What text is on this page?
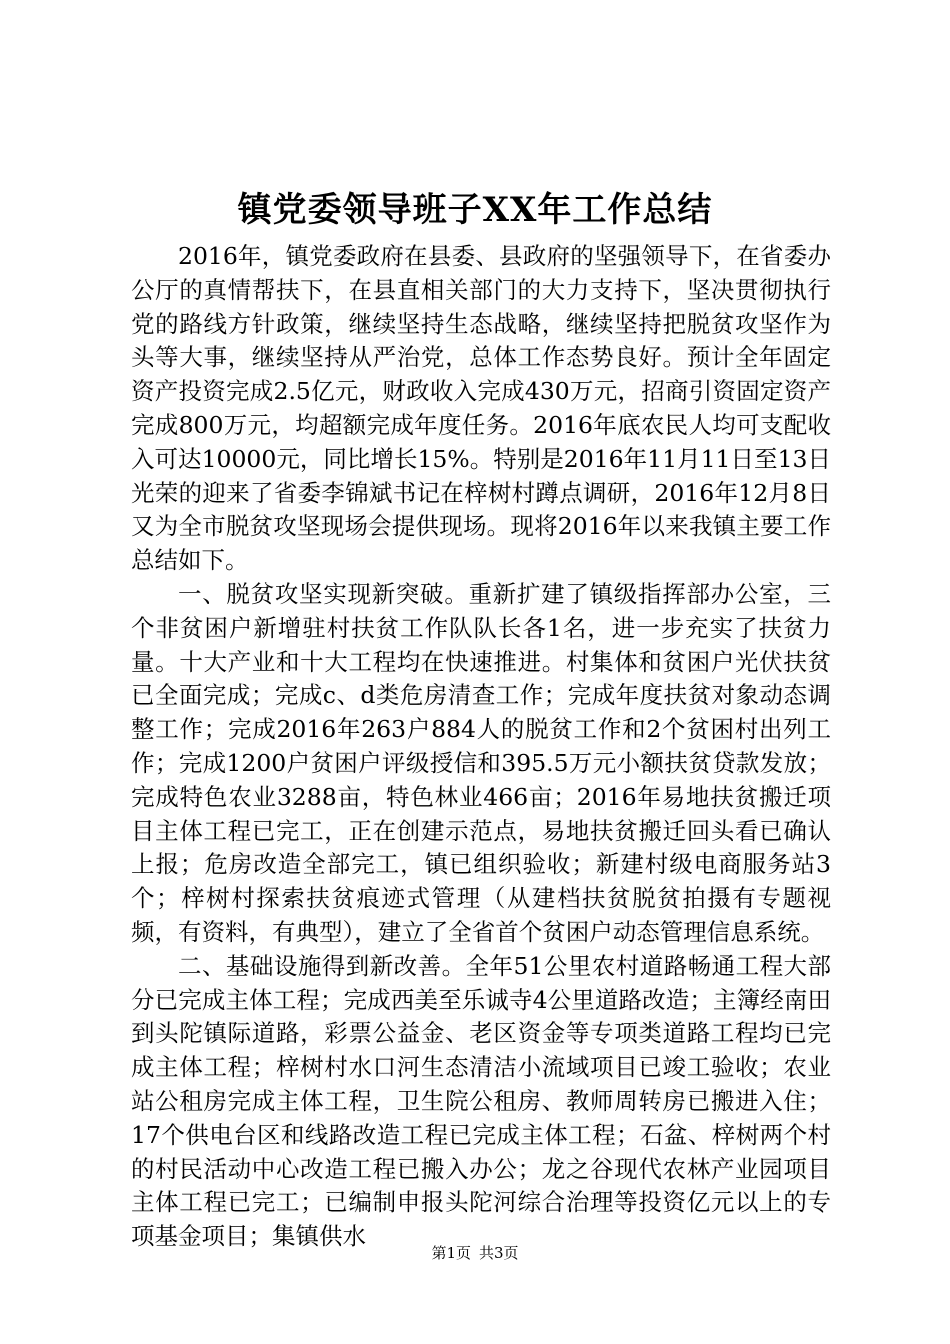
镇党委领导班子XX年工作总结

2016年，镇党委政府在县委、县政府的坚强领导下，在省委办公厅的真情帮扶下，在县直相关部门的大力支持下，坚决贯彻执行党的路线方针政策，继续坚持生态战略，继续坚持把脱贫攻坚作为头等大事，继续坚持从严治党，总体工作态势良好。预计全年固定资产投资完成2.5亿元，财政收入完成430万元，招商引资固定资产完成800万元，均超额完成年度任务。2016年底农民人均可支配收入可达10000元，同比增长15%。特别是2016年11月11日至13日光荣的迎来了省委李锦斌书记在梓树村蹲点调研，2016年12月8日又为全市脱贫攻坚现场会提供现场。现将2016年以来我镇主要工作总结如下。

一、脱贫攻坚实现新突破。重新扩建了镇级指挥部办公室，三个非贫困户新增驻村扶贫工作队队长各1名，进一步充实了扶贫力量。十大产业和十大工程均在快速推进。村集体和贫困户光伏扶贫已全面完成；完成c、d类危房清查工作；完成年度扶贫对象动态调整工作；完成2016年263户884人的脱贫工作和2个贫困村出列工作；完成1200户贫困户评级授信和395.5万元小额扶贫贷款发放；完成特色农业3288亩，特色林业466亩；2016年易地扶贫搬迁项目主体工程已完工，正在创建示范点，易地扶贫搬迁回头看已确认上报；危房改造全部完工，镇已组织验收；新建村级电商服务站3个；梓树村探索扶贫痕迹式管理（从建档扶贫脱贫拍摄有专题视频，有资料，有典型），建立了全省首个贫困户动态管理信息系统。

二、基础设施得到新改善。全年51公里农村道路畅通工程大部分已完成主体工程；完成西美至乐诚寺4公里道路改造；主簿经南田到头陀镇际道路，彩票公益金、老区资金等专项类道路工程均已完成主体工程；梓树村水口河生态清洁小流域项目已竣工验收；农业站公租房完成主体工程，卫生院公租房、教师周转房已搬进入住；17个供电台区和线路改造工程已完成主体工程；石盆、梓树两个村的村民活动中心改造工程已搬入办公；龙之谷现代农林产业园项目主体工程已完工；已编制申报头陀河综合治理等投资亿元以上的专项基金项目；集镇供水

第1页 共3页
